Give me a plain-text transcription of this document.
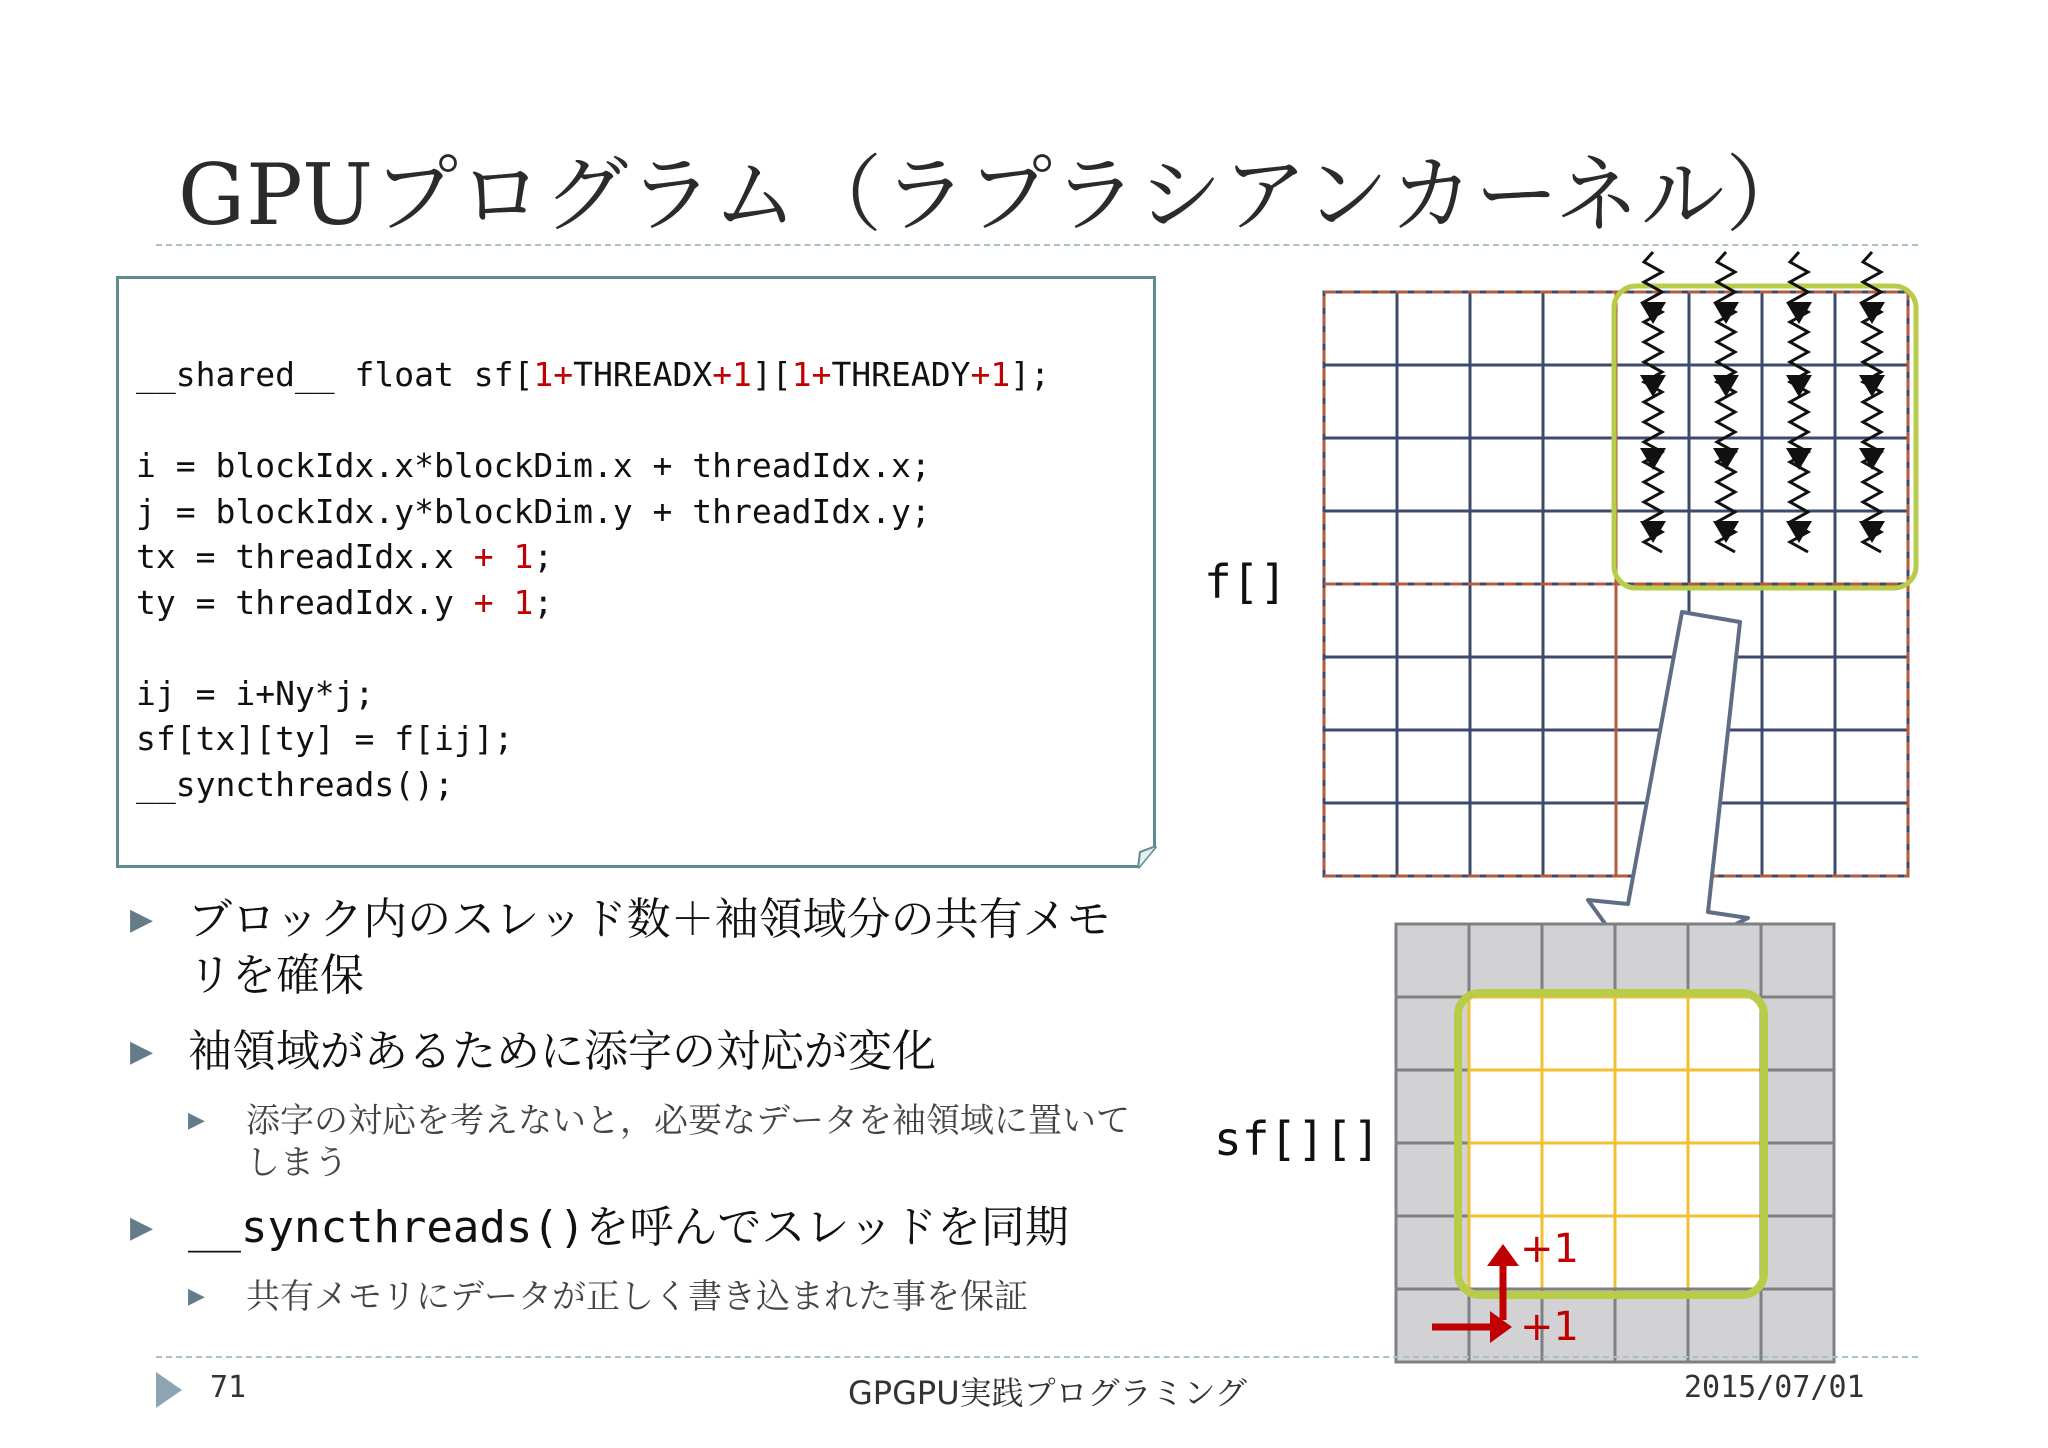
GPUプログラム（ラプラシアンカーネル）
__shared__ float sf[1+THREADX+1][1+THREADY+1];

i = blockIdx.x*blockDim.x + threadIdx.x;
j = blockIdx.y*blockDim.y + threadIdx.y;
tx = threadIdx.x + 1;
ty = threadIdx.y + 1;

ij = i+Ny*j;
sf[tx][ty] = f[ij];
__syncthreads();
▶ ブロック内のスレッド数＋袖領域分の共有メモリを確保
▶ 袖領域があるために添字の対応が変化
▶ 添字の対応を考えないと，必要なデータを袖領域に置いてしまう
▶ __syncthreads()を呼んでスレッドを同期
▶ 共有メモリにデータが正しく書き込まれた事を保証
f[]
sf[][]
+1
+1
71	GPGPU実践プログラミング	2015/07/01
